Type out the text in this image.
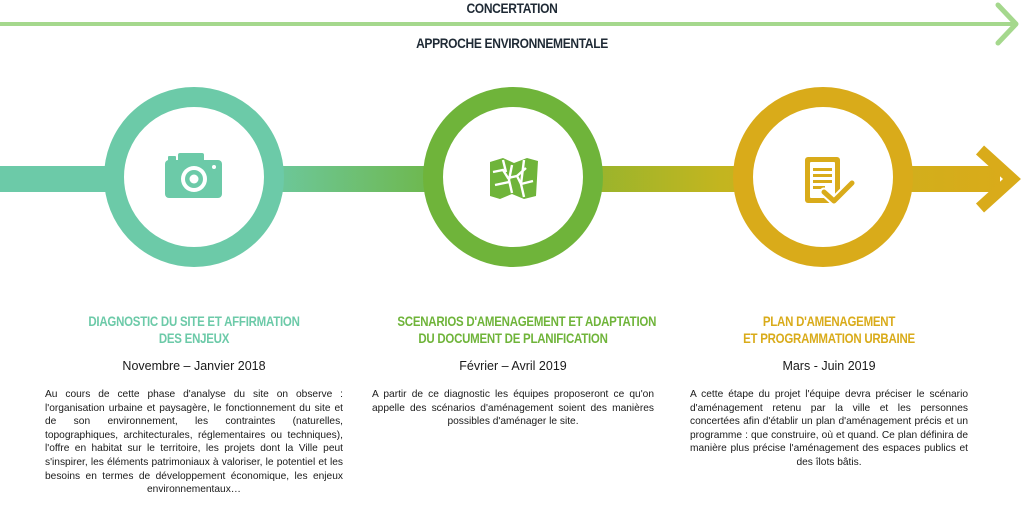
CONCERTATION
APPROCHE ENVIRONNEMENTALE
DIAGNOSTIC DU SITE ET AFFIRMATION
DES ENJEUX
Novembre – Janvier 2018
Au cours de cette phase d'analyse du site on observe : l'organisation urbaine et paysagère, le fonctionnement du site et de son environnement, les contraintes (naturelles, topographiques, architecturales, réglementaires ou techniques), l'offre en habitat sur le territoire, les projets dont la Ville peut s'inspirer, les éléments patrimoniaux à valoriser, le potentiel et les besoins en termes de développement économique, les enjeux environnementaux…
SCENARIOS D'AMENAGEMENT ET ADAPTATION
DU DOCUMENT DE PLANIFICATION
Février – Avril 2019
A partir de ce diagnostic les équipes proposeront ce qu'on appelle des scénarios d'aménagement soient des manières possibles d'aménager le site.
PLAN D'AMENAGEMENT
ET PROGRAMMATION URBAINE
Mars - Juin 2019
A cette étape du projet l'équipe devra préciser le scénario d'aménagement retenu par la ville et les personnes concertées afin d'établir un plan d'aménagement précis et un programme : que construire, où et quand. Ce plan définira de manière plus précise l'aménagement des espaces publics et des îlots bâtis.
